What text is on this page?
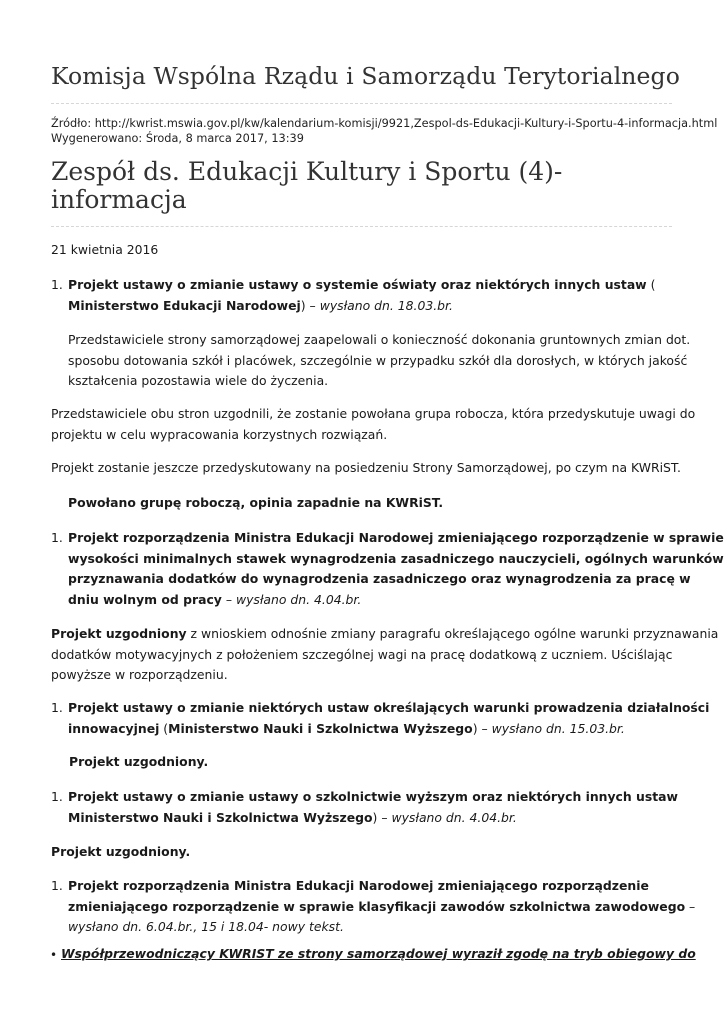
Komisja Wspólna Rządu i Samorządu Terytorialnego
Źródło: http://kwrist.mswia.gov.pl/kw/kalendarium-komisji/9921,Zespol-ds-Edukacji-Kultury-i-Sportu-4-informacja.html
Wygenerowano: Środa, 8 marca 2017, 13:39
Zespół ds. Edukacji Kultury i Sportu (4)-
informacja
21 kwietnia 2016
1. Projekt ustawy o zmianie ustawy o systemie oświaty oraz niektórych innych ustaw (
Ministerstwo Edukacji Narodowej) – wysłano dn. 18.03.br.
Przedstawiciele strony samorządowej zaapelowali o konieczność dokonania gruntownych zmian dot.
sposobu dotowania szkół i placówek, szczególnie w przypadku szkół dla dorosłych, w których jakość
kształcenia pozostawia wiele do życzenia.
Przedstawiciele obu stron uzgodnili, że zostanie powołana grupa robocza, która przedyskutuje uwagi do
projektu w celu wypracowania korzystnych rozwiązań.
Projekt zostanie jeszcze przedyskutowany na posiedzeniu Strony Samorządowej, po czym na KWRiST.
Powołano grupę roboczą, opinia zapadnie na KWRiST.
1. Projekt rozporządzenia Ministra Edukacji Narodowej zmieniającego rozporządzenie w sprawie
wysokości minimalnych stawek wynagrodzenia zasadniczego nauczycieli, ogólnych warunków
przyznawania dodatków do wynagrodzenia zasadniczego oraz wynagrodzenia za pracę w
dniu wolnym od pracy – wysłano dn. 4.04.br.
Projekt uzgodniony z wnioskiem odnośnie zmiany paragrafu określającego ogólne warunki przyznawania
dodatków motywacyjnych z położeniem szczególnej wagi na pracę dodatkową z uczniem. Uściślając
powyższe w rozporządzeniu.
1. Projekt ustawy o zmianie niektórych ustaw określających warunki prowadzenia działalności
innowacyjnej (Ministerstwo Nauki i Szkolnictwa Wyższego) – wysłano dn. 15.03.br.
Projekt uzgodniony.
1. Projekt ustawy o zmianie ustawy o szkolnictwie wyższym oraz niektórych innych ustaw
Ministerstwo Nauki i Szkolnictwa Wyższego) – wysłano dn. 4.04.br.
Projekt uzgodniony.
1. Projekt rozporządzenia Ministra Edukacji Narodowej zmieniającego rozporządzenie
zmieniającego rozporządzenie w sprawie klasyfikacji zawodów szkolnictwa zawodowego –
wysłano dn. 6.04.br., 15 i 18.04- nowy tekst.
• Współprzewodniczący KWRIST ze strony samorządowej wyraził zgodę na tryb obiegowy do
